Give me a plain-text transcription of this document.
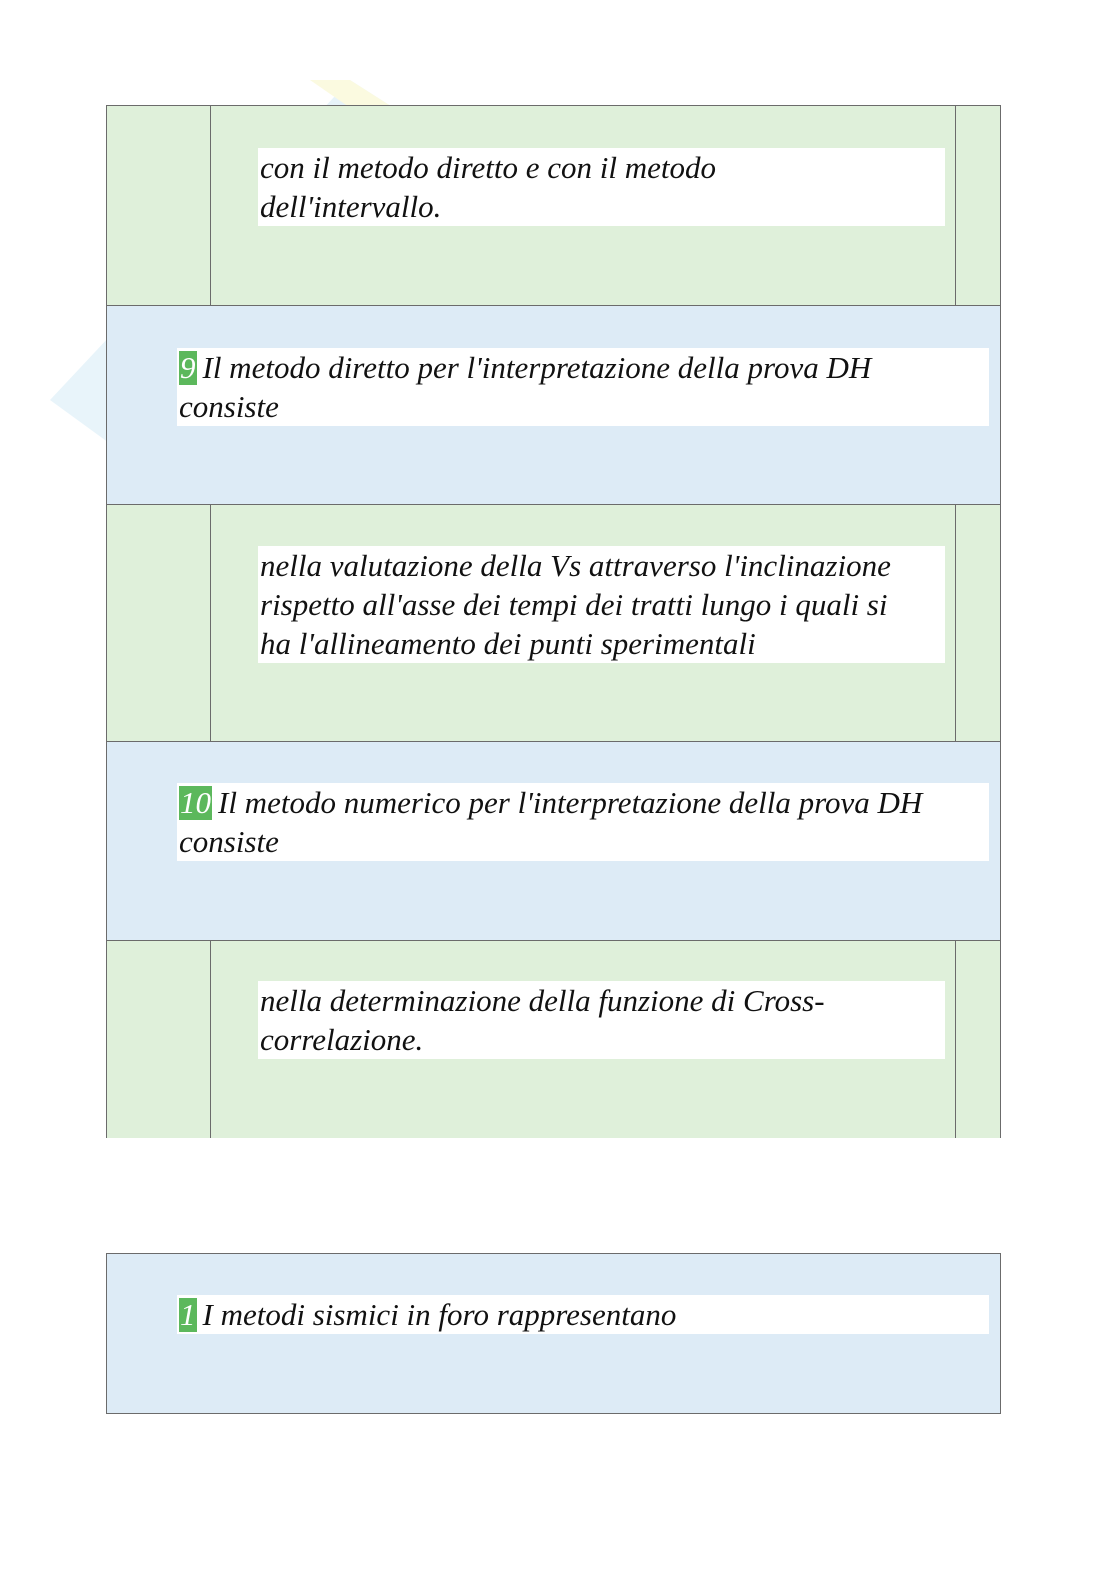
con il metodo diretto e con il metodo
dell'intervallo.
9 Il metodo diretto per l'interpretazione della prova DH
consiste
nella valutazione della Vs attraverso l'inclinazione
rispetto all'asse dei tempi dei tratti lungo i quali si
ha l'allineamento dei punti sperimentali
10 Il metodo numerico per l'interpretazione della prova DH
consiste
nella determinazione della funzione di Cross-
correlazione.
1 I metodi sismici in foro rappresentano
